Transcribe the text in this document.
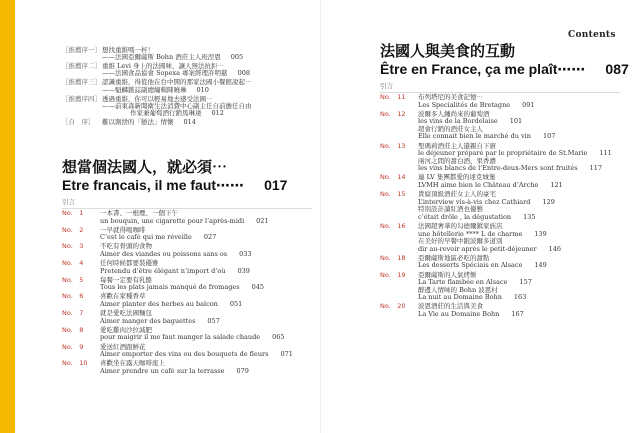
Contents
［推薦序一］ 想找重維嗎一杯！
——法國亞爾薩斯 Bohn 酒莊主人班涅恩 005
［推薦序二］ 重維 Levi 身上的法國味，讓人無法抗拒⋯
——法國食品協會 Sopexa 專案經理許明慈 008
［推薦序三］ 認識重維，得從他在台中開的那家法國小餐館說起⋯
——魁麟雜誌副總編輯陳曉琳 010
［推薦序四］ 透過重維，你可以輕易地去感受法國⋯
——前東森新聞衛生法消費中心副主任自前擔任自由
作家兼葡萄酒行銷馬琳達 012
［自　序］	難以割捨的「戀法」情懷 014
想當個法國人，就必須⋯
Etre francais, il me faut⋯⋯ 017
引言
No.　1	一本書、一根煙、一個下午
un bouquin, une cigarette pour l’après-midi 021
No.　2	一早就得喝咖啡
C’est le café qui me réveille 027
No.　3	不吃有骨頭的食物
Aimer des viandes ou poissons sans os 033
No.　4	任何時候都要裝優雅
Pretendu d’être élégant n’import d’où 039
No.　5	每餐一定要有乳酪
Tous les plats jamais manqué de fromages 045
No.　6	喜歡在家種香草
Aimer planter des herbes au balcon 051
No.　7	就是愛吃法國麵包
Aimer manger des baguettes 057
No.　8	愛吃雞肉沙拉減肥
pour maigrir il me faut manger la salade chaude 065
No.　9	愛送紅酒跟鮮花
Aimer emporter des vins ou des bouquets de fleurs 071
No.　10	喜歡坐在露天咖啡座上
Aimer prendre un café sur la terrasse 079
法國人與美食的互動
Être en France, ça me plaît⋯⋯ 087
引言
No.　11	布列塔尼的美食記憶⋯
Les Specialités de Bretagne 091
No.　12	波爾多人鍾尚來的葡萄酒
les vins de la Bordelaise 101
超會行銷的酒莊女主人
Elle connait bien le marché du vin 107
No.　13	聖瑪莉酒莊主人還親自下廚
le déjeuner préparé par le propriétaire de St.Marie 111
兩河之間的甜白酒、果香濃
les vins blancs de l’Entre-deux-Mers sont fruités 117
No.　14	連 LV 集團都愛的達克城堡
LVMH aime bien le Château d’Arche 121
No.　15	貴腐頂級酒莊女主人的豪宅
L’interview vis-à-vis chez Cathiard 129
特別設計讀紅酒也優雅
c’était drôle , la dégustation 135
No.　16	法國超奢華的勾德爾鎮家族店
une hôtellerie **** L de charme 139
在美好的早餐中跟波爾多道別
dir au-revoir après le petit-déjeuner 146
No.　18	亞爾薩斯地區必吃的甜點
Les desserts Spéciais en Alsace 149
No.　19	亞爾薩斯的人氣烤餅
La Tarte flambée en Alsace 157
醉邊人情味的 Bohn 波恩村
La nuit au Domaine Bohn 163
No.　20	波恩酒莊的生活與美食
La Vie au Domaine Bohn 167
